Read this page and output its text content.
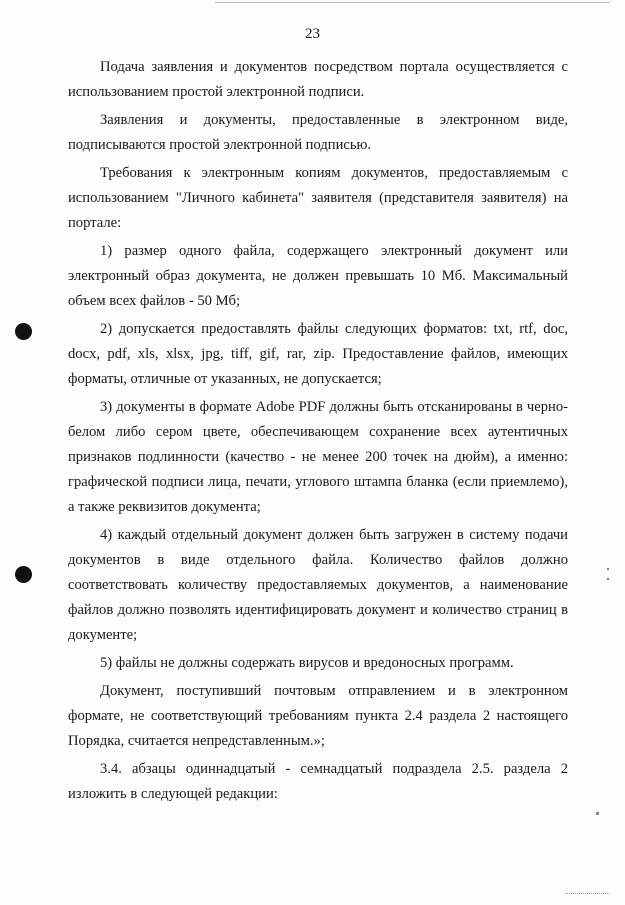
23

Подача заявления и документов посредством портала осуществляется с использованием простой электронной подписи.

Заявления и документы, предоставленные в электронном виде, подписываются простой электронной подписью.

Требования к электронным копиям документов, предоставляемым с использованием "Личного кабинета" заявителя (представителя заявителя) на портале:

1) размер одного файла, содержащего электронный документ или электронный образ документа, не должен превышать 10 Мб. Максимальный объем всех файлов - 50 Мб;

2) допускается предоставлять файлы следующих форматов: txt, rtf, doc, docx, pdf, xls, xlsx, jpg, tiff, gif, rar, zip. Предоставление файлов, имеющих форматы, отличные от указанных, не допускается;

3) документы в формате Adobe PDF должны быть отсканированы в черно-белом либо сером цвете, обеспечивающем сохранение всех аутентичных признаков подлинности (качество - не менее 200 точек на дюйм), а именно: графической подписи лица, печати, углового штампа бланка (если приемлемо), а также реквизитов документа;

4) каждый отдельный документ должен быть загружен в систему подачи документов в виде отдельного файла. Количество файлов должно соответствовать количеству предоставляемых документов, а наименование файлов должно позволять идентифицировать документ и количество страниц в документе;

5) файлы не должны содержать вирусов и вредоносных программ.

Документ, поступивший почтовым отправлением и в электронном формате, не соответствующий требованиям пункта 2.4 раздела 2 настоящего Порядка, считается непредставленным.»;

3.4. абзацы одиннадцатый - семнадцатый подраздела 2.5. раздела 2 изложить в следующей редакции:
